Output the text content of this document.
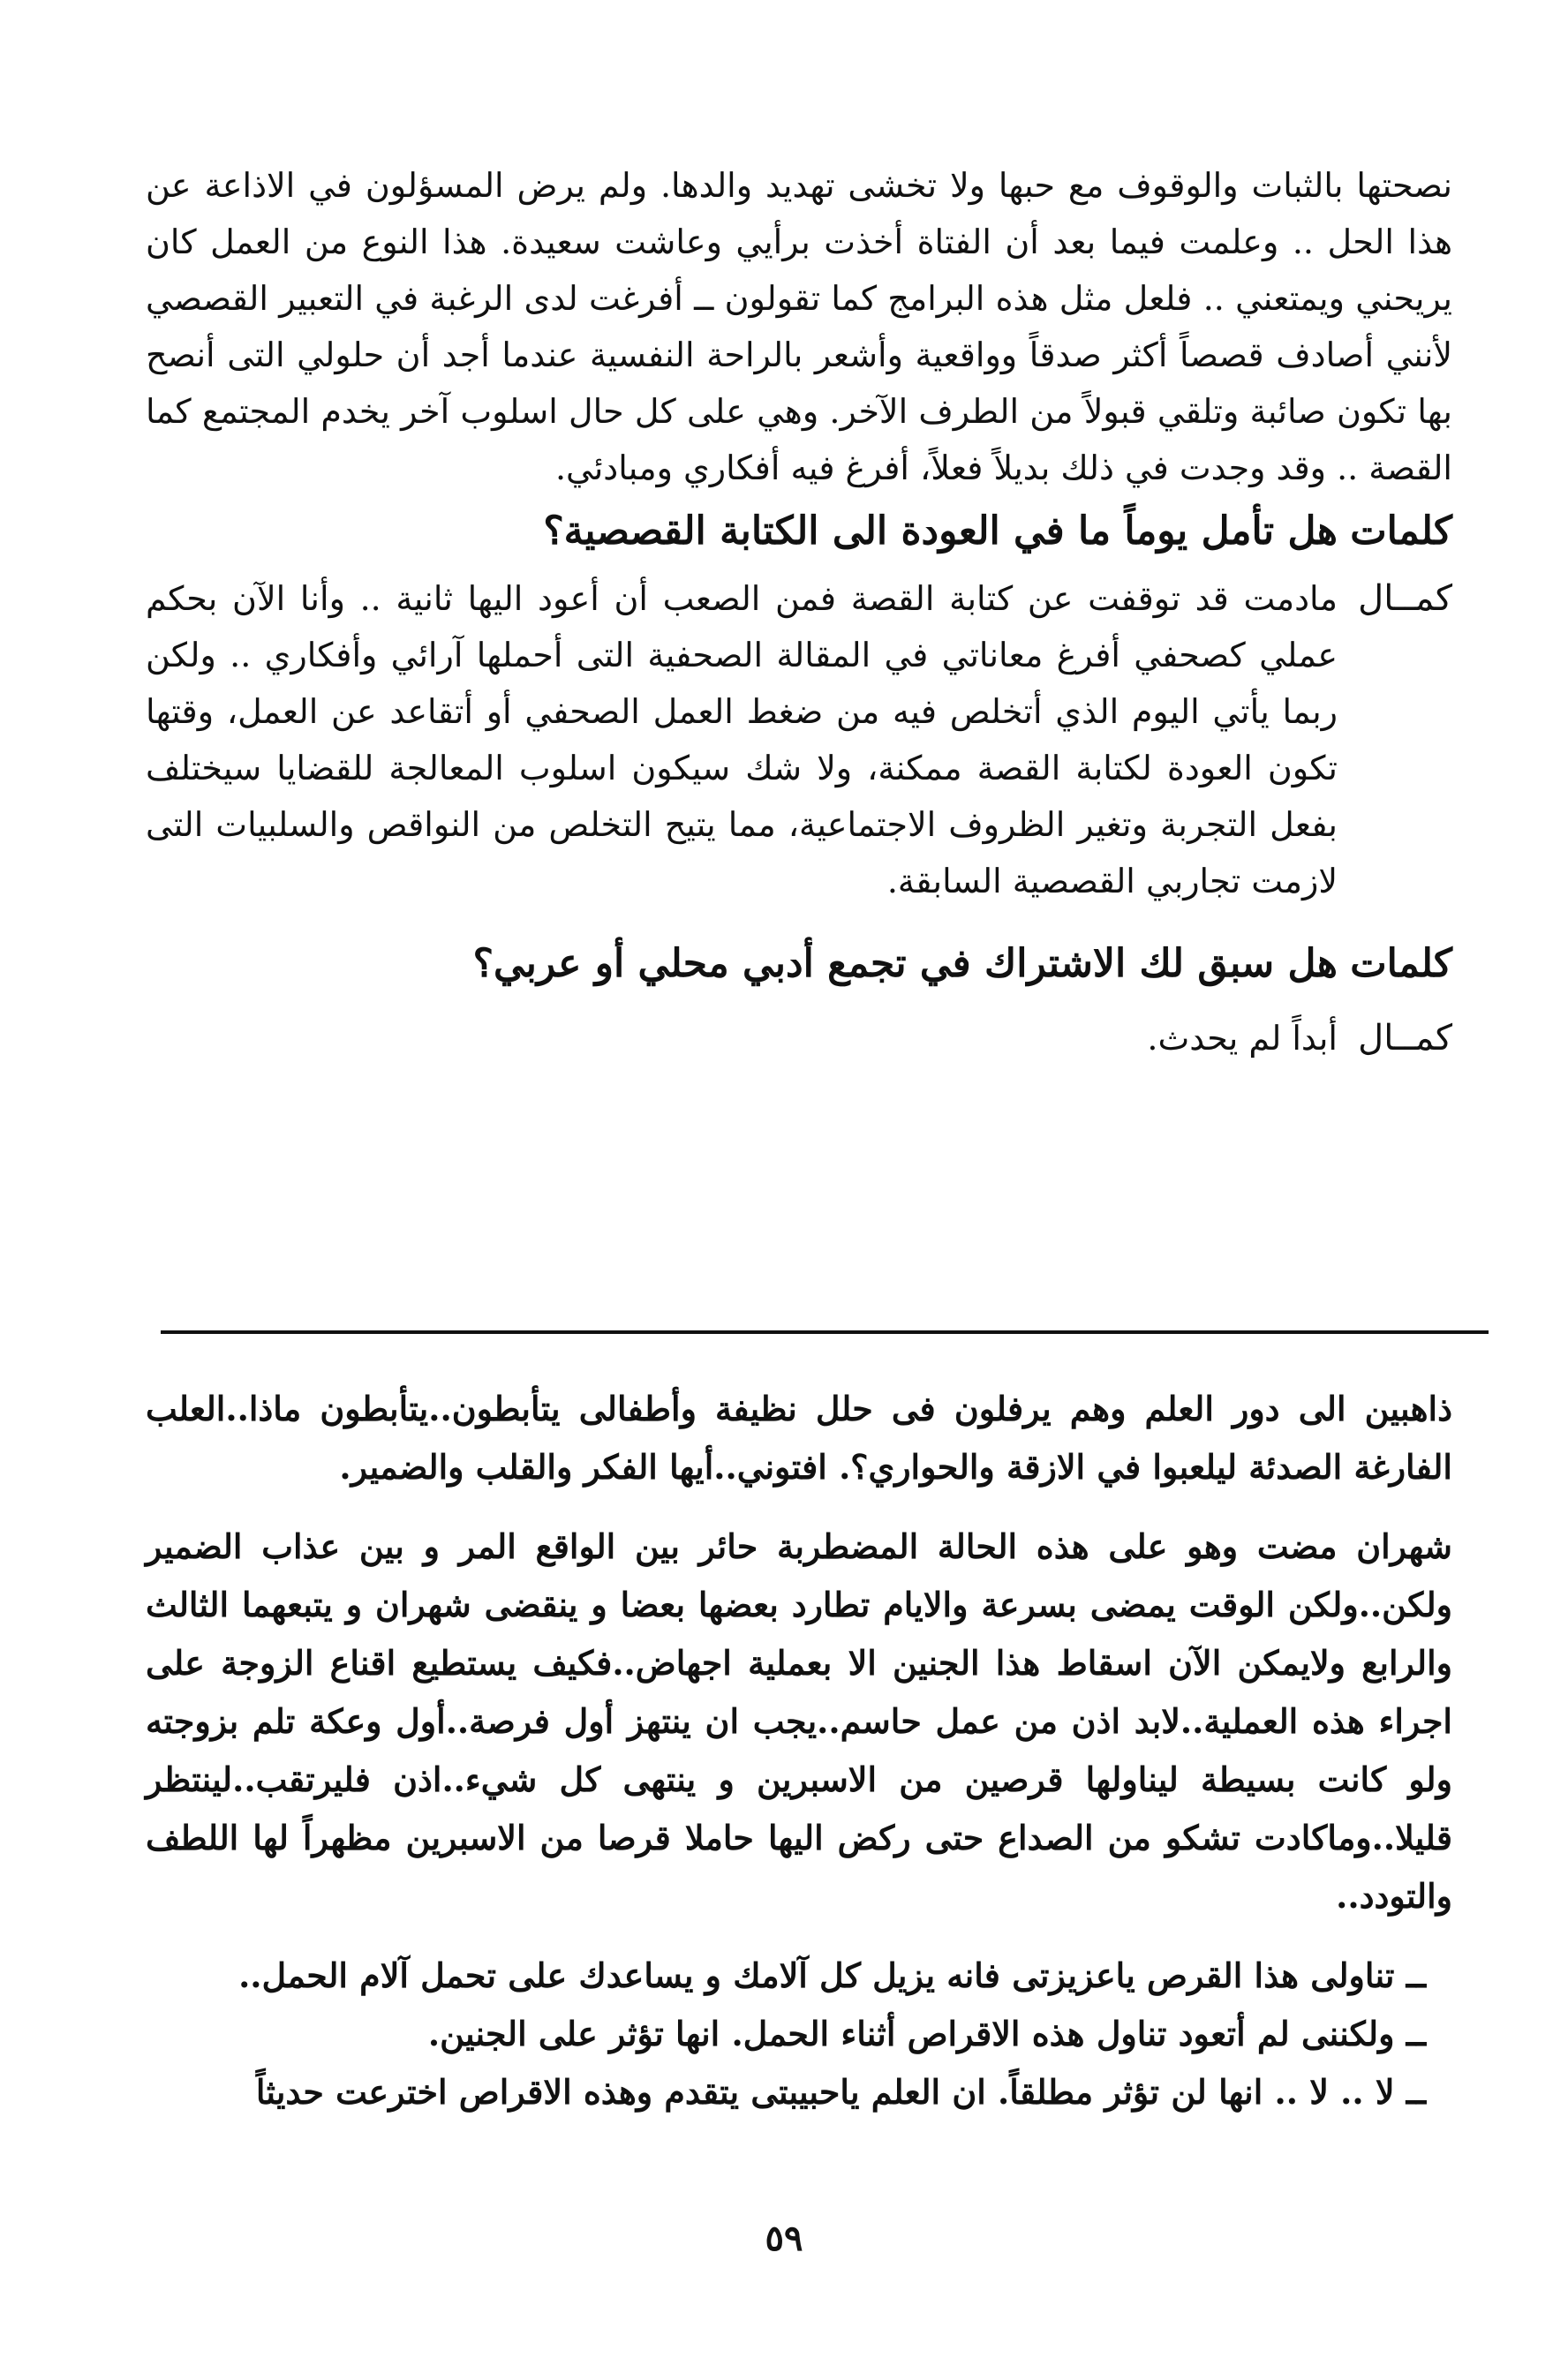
نصحتها بالثبات والوقوف مع حبها ولا تخشى تهديد والدها. ولم يرض المسؤلون في الاذاعة عن هذا الحل .. وعلمت فيما بعد أن الفتاة أخذت برأيي وعاشت سعيدة. هذا النوع من العمل كان يريحني ويمتعني .. فلعل مثل هذه البرامج كما تقولون ــ أفرغت لدى الرغبة في التعبير القصصي لأنني أصادف قصصاً أكثر صدقاً وواقعية وأشعر بالراحة النفسية عندما أجد أن حلولي التى أنصح بها تكون صائبة وتلقي قبولاً من الطرف الآخر. وهي على كل حال اسلوب آخر يخدم المجتمع كما القصة .. وقد وجدت في ذلك بديلاً فعلاً، أفرغ فيه أفكاري ومبادئي.

كلمات

هل تأمل يوماً ما في العودة الى الكتابة القصصية؟

كمــال

مادمت قد توقفت عن كتابة القصة فمن الصعب أن أعود اليها ثانية .. وأنا الآن بحكم عملي كصحفي أفرغ معاناتي في المقالة الصحفية التى أحملها آرائي وأفكاري .. ولكن ربما يأتي اليوم الذي أتخلص فيه من ضغط العمل الصحفي أو أتقاعد عن العمل، وقتها تكون العودة لكتابة القصة ممكنة، ولا شك سيكون اسلوب المعالجة للقضايا سيختلف بفعل التجربة وتغير الظروف الاجتماعية، مما يتيح التخلص من النواقص والسلبيات التى لازمت تجاربي القصصية السابقة.

كلمات

هل سبق لك الاشتراك في تجمع أدبي محلي أو عربي؟

كمــال

أبداً لم يحدث.

ذاهبين الى دور العلم وهم يرفلون فى حلل نظيفة وأطفالى يتأبطون..يتأبطون ماذا..العلب الفارغة الصدئة ليلعبوا في الازقة والحواري؟. افتوني..أيها الفكر والقلب والضمير.

شهران مضت وهو على هذه الحالة المضطربة حائر بين الواقع المر و بين عذاب الضمير ولكن..ولكن الوقت يمضى بسرعة والايام تطارد بعضها بعضا و ينقضى شهران و يتبعهما الثالث والرابع ولايمكن الآن اسقاط هذا الجنين الا بعملية اجهاض..فكيف يستطيع اقناع الزوجة على اجراء هذه العملية..لابد اذن من عمل حاسم..يجب ان ينتهز أول فرصة..أول وعكة تلم بزوجته ولو كانت بسيطة ليناولها قرصين من الاسبرين و ينتهى كل شيء..اذن فليرتقب..لينتظر قليلا..وماكادت تشكو من الصداع حتى ركض اليها حاملا قرصا من الاسبرين مظهراً لها اللطف والتودد..

ــ تناولى هذا القرص ياعزيزتى فانه يزيل كل آلامك و يساعدك على تحمل آلام الحمل..
ــ ولكننى لم أتعود تناول هذه الاقراص أثناء الحمل. انها تؤثر على الجنين.
ــ لا .. لا .. انها لن تؤثر مطلقاً. ان العلم ياحبيبتى يتقدم وهذه الاقراص اخترعت حديثاً
٥٩
